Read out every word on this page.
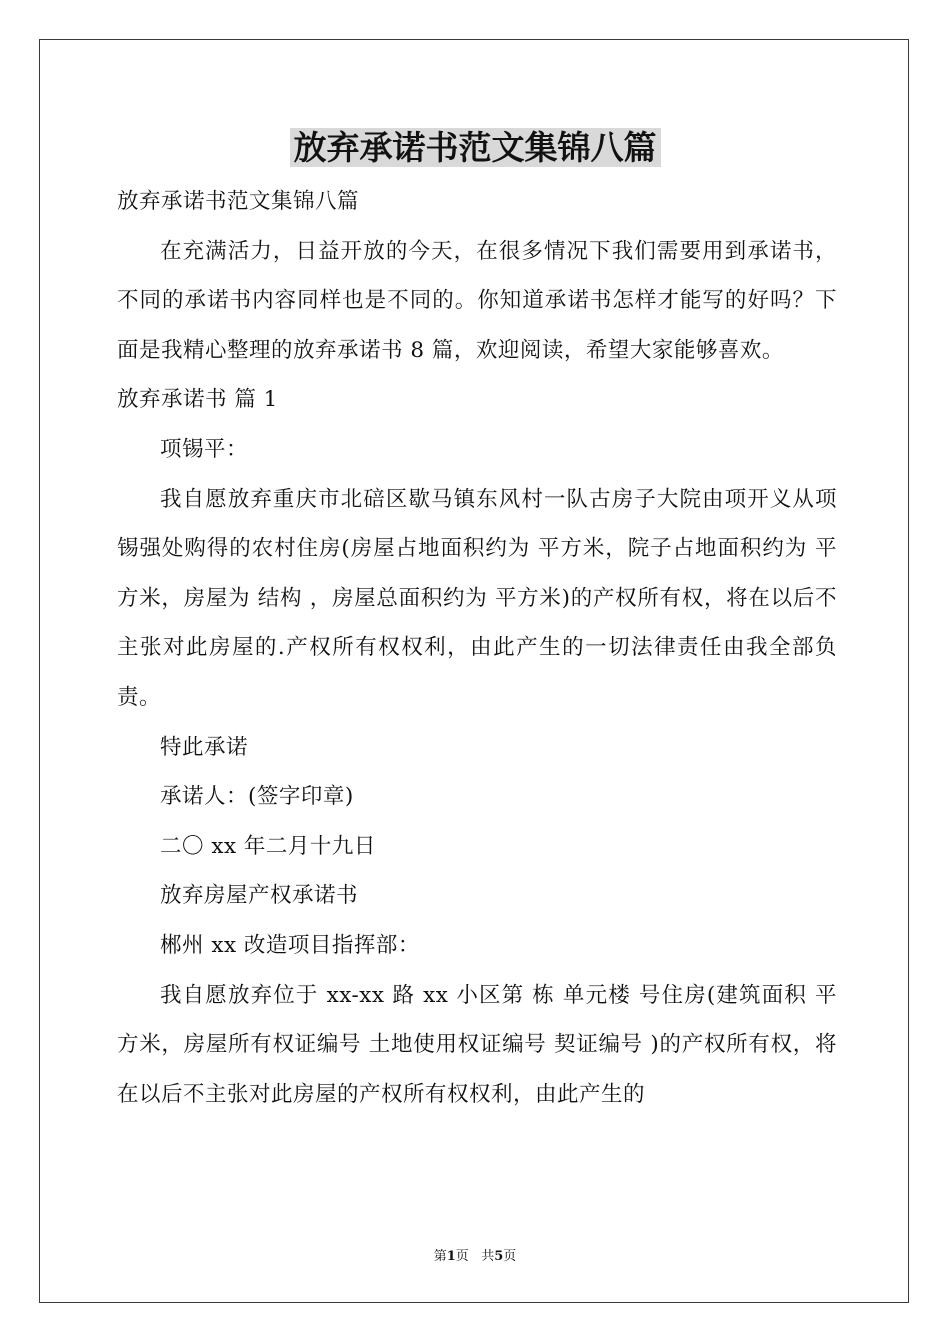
放弃承诺书范文集锦八篇

放弃承诺书范文集锦八篇

在充满活力，日益开放的今天，在很多情况下我们需要用到承诺书，不同的承诺书内容同样也是不同的。你知道承诺书怎样才能写的好吗？下面是我精心整理的放弃承诺书 8 篇，欢迎阅读，希望大家能够喜欢。

放弃承诺书 篇 1

项锡平：

我自愿放弃重庆市北碚区歇马镇东风村一队古房子大院由项开义从项锡强处购得的农村住房(房屋占地面积约为 平方米，院子占地面积约为 平方米，房屋为 结构 ，房屋总面积约为 平方米)的产权所有权，将在以后不主张对此房屋的.产权所有权权利，由此产生的一切法律责任由我全部负责。

特此承诺

承诺人：(签字印章)

二〇 xx 年二月十九日

放弃房屋产权承诺书

郴州 xx 改造项目指挥部：

我自愿放弃位于 xx-xx 路 xx 小区第 栋 单元楼 号住房(建筑面积 平方米，房屋所有权证编号 土地使用权证编号 契证编号 )的产权所有权，将在以后不主张对此房屋的产权所有权权利，由此产生的

第1页   共5页
